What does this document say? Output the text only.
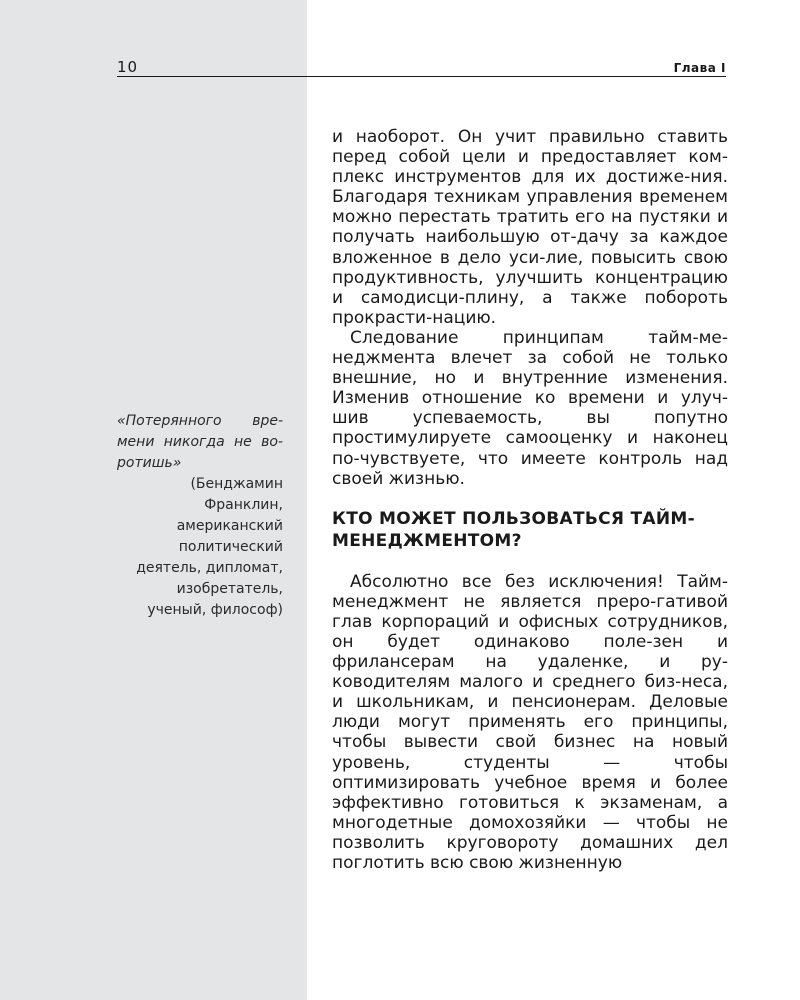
10	Глава I
«Потерянного вре-мени никогда не во-ротишь»
(Бенджамин Франклин, американский политический деятель, дипломат, изобретатель, ученый, философ)

и наоборот. Он учит правильно ставить перед собой цели и предоставляет ком-плекс инструментов для их достиже-ния. Благодаря техникам управления временем можно перестать тратить его на пустяки и получать наибольшую от-дачу за каждое вложенное в дело уси-лие, повысить свою продуктивность, улучшить концентрацию и самодисци-плину, а также побороть прокрасти-нацию.

Следование принципам тайм-ме-неджмента влечет за собой не только внешние, но и внутренние изменения. Изменив отношение ко времени и улуч-шив успеваемость, вы попутно простимулируете самооценку и наконец по-чувствуете, что имеете контроль над своей жизнью.

КТО МОЖЕТ ПОЛЬЗОВАТЬСЯ ТАЙМ-МЕНЕДЖМЕНТОМ?

Абсолютно все без исключения! Тайм-менеджмент не является преро-гативой глав корпораций и офисных сотрудников, он будет одинаково поле-зен и фрилансерам на удаленке, и ру-ководителям малого и среднего биз-неса, и школьникам, и пенсионерам. Деловые люди могут применять его принципы, чтобы вывести свой бизнес на новый уровень, студенты — чтобы оптимизировать учебное время и более эффективно готовиться к экзаменам, а многодетные домохозяйки — чтобы не позволить круговороту домашних дел поглотить всю свою жизненную
